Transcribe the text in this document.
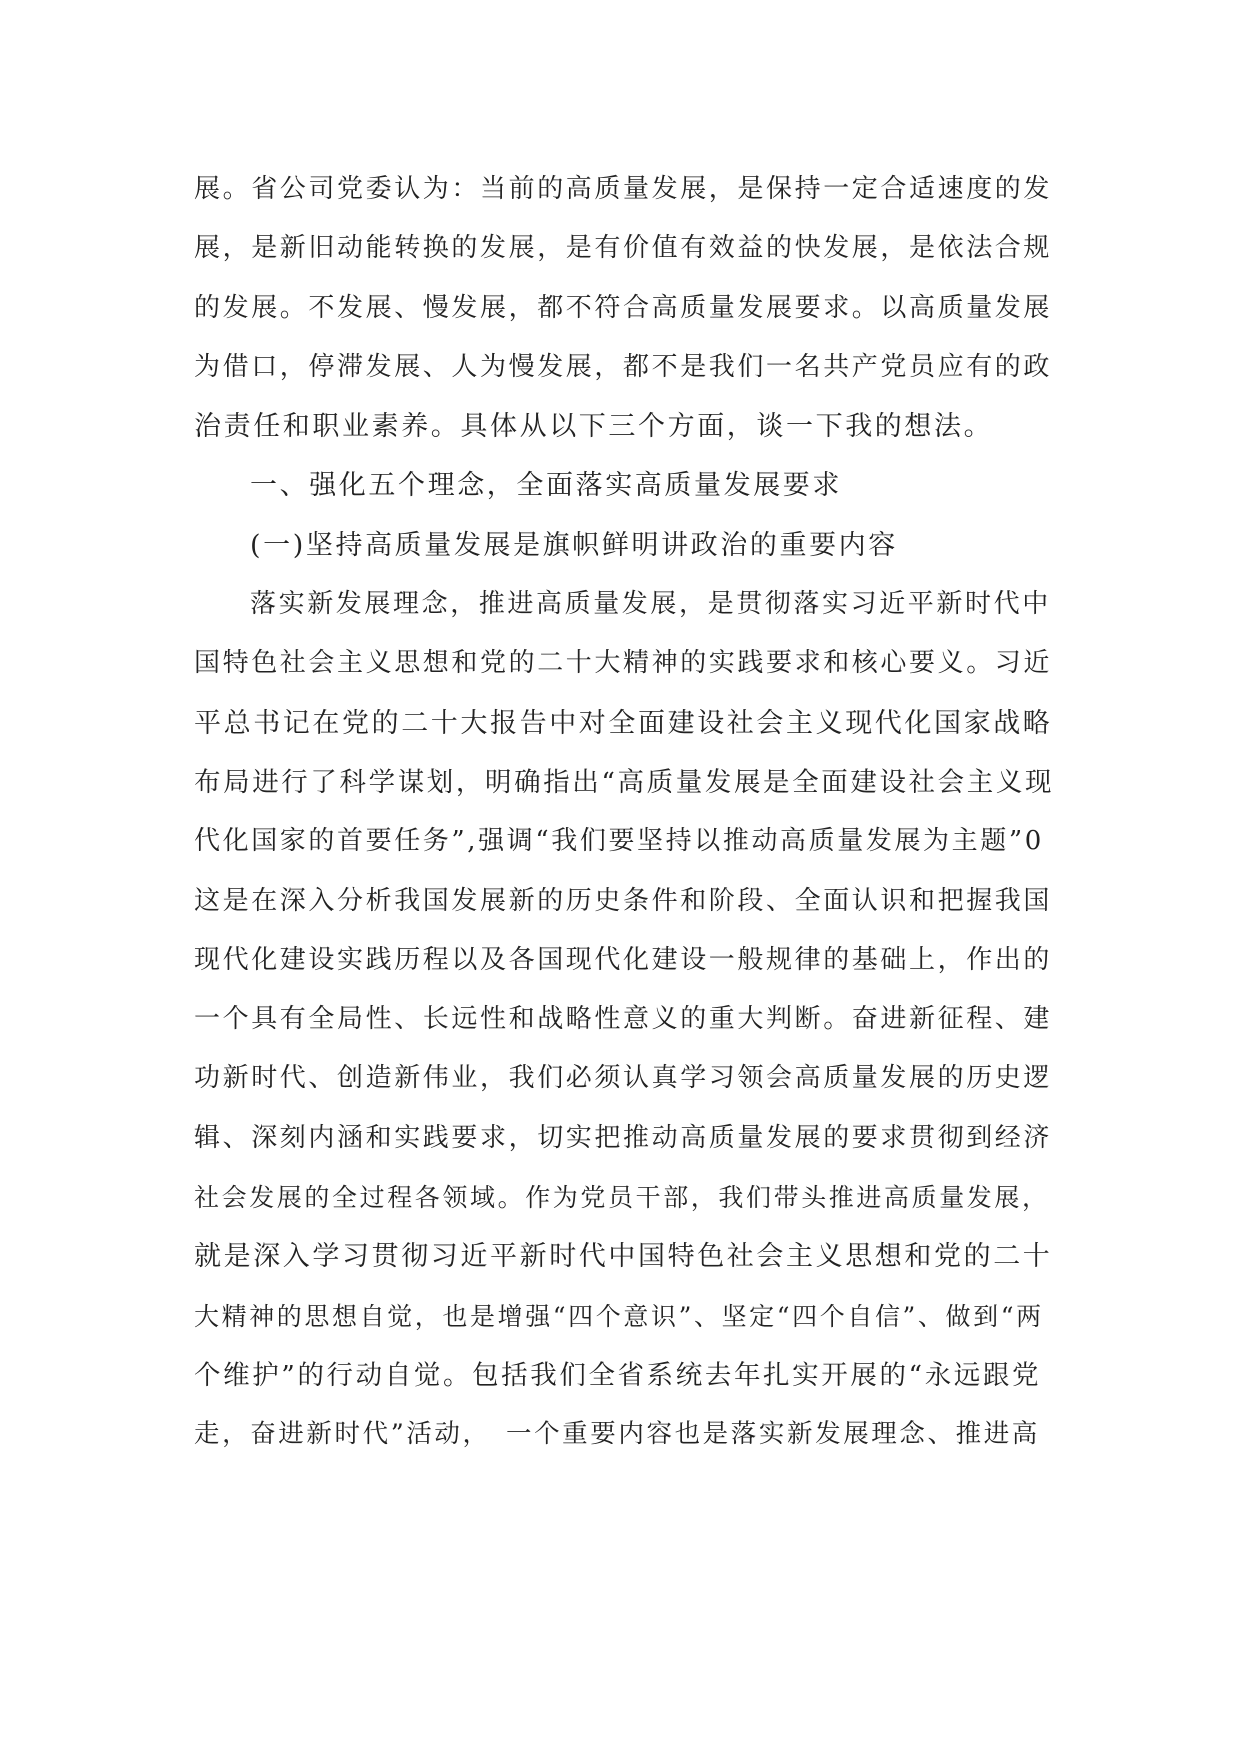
展。省公司党委认为：当前的高质量发展，是保持一定合适速度的发
展，是新旧动能转换的发展，是有价值有效益的快发展，是依法合规
的发展。不发展、慢发展，都不符合高质量发展要求。以高质量发展
为借口，停滞发展、人为慢发展，都不是我们一名共产党员应有的政
治责任和职业素养。具体从以下三个方面，谈一下我的想法。
一、强化五个理念，全面落实高质量发展要求
(一)坚持高质量发展是旗帜鲜明讲政治的重要内容
落实新发展理念，推进高质量发展，是贯彻落实习近平新时代中
国特色社会主义思想和党的二十大精神的实践要求和核心要义。习近
平总书记在党的二十大报告中对全面建设社会主义现代化国家战略
布局进行了科学谋划，明确指出“高质量发展是全面建设社会主义现
代化国家的首要任务”,强调“我们要坚持以推动高质量发展为主题”0
这是在深入分析我国发展新的历史条件和阶段、全面认识和把握我国
现代化建设实践历程以及各国现代化建设一般规律的基础上，作出的
一个具有全局性、长远性和战略性意义的重大判断。奋进新征程、建
功新时代、创造新伟业，我们必须认真学习领会高质量发展的历史逻
辑、深刻内涵和实践要求，切实把推动高质量发展的要求贯彻到经济
社会发展的全过程各领域。作为党员干部，我们带头推进高质量发展，
就是深入学习贯彻习近平新时代中国特色社会主义思想和党的二十
大精神的思想自觉，也是增强“四个意识”、坚定“四个自信”、做到“两
个维护”的行动自觉。包括我们全省系统去年扎实开展的“永远跟党
走，奋进新时代”活动，　一个重要内容也是落实新发展理念、推进高
